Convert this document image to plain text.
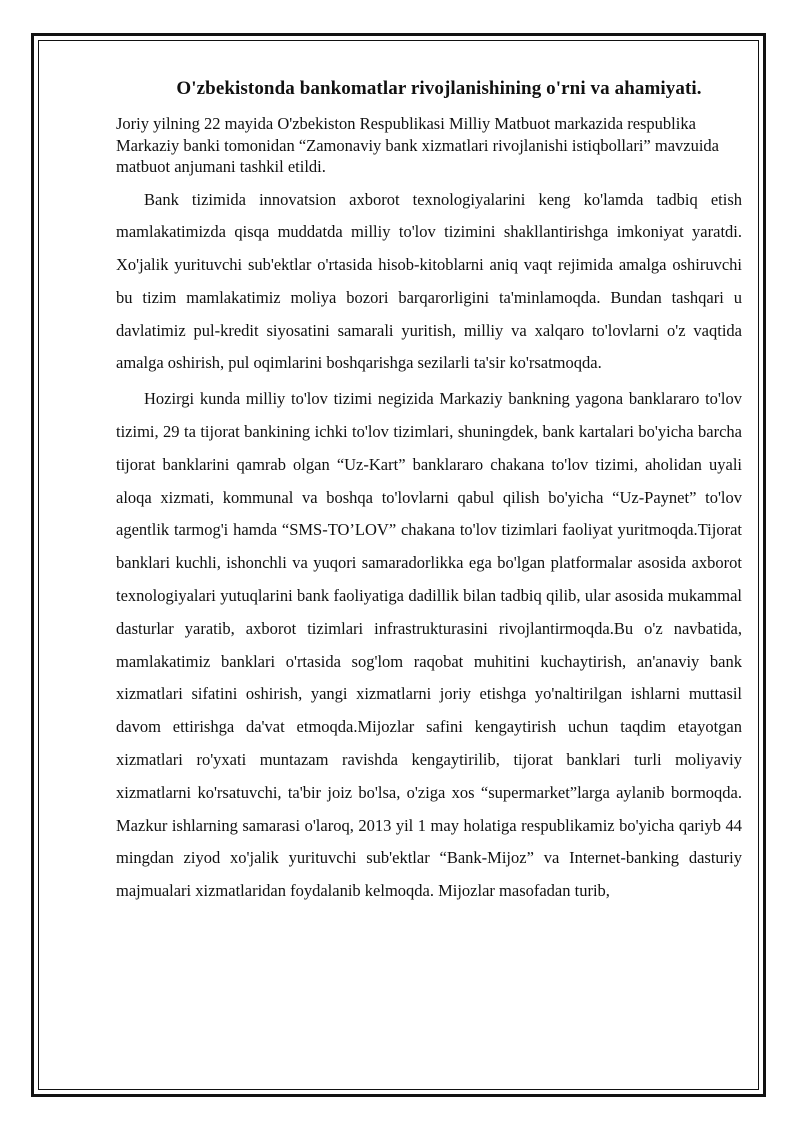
O'zbekistonda bankomatlar rivojlanishining o'rni va ahamiyati.

Joriy yilning 22 mayida O'zbekiston Respublikasi Milliy Matbuot markazida respublika Markaziy banki tomonidan “Zamonaviy bank xizmatlari rivojlanishi istiqbollari” mavzuida matbuot anjumani tashkil etildi.

Bank tizimida innovatsion axborot texnologiyalarini keng ko'lamda tadbiq etish mamlakatimizda qisqa muddatda milliy to'lov tizimini shakllantirishga imkoniyat yaratdi. Xo'jalik yurituvchi sub'ektlar o'rtasida hisob-kitoblarni aniq vaqt rejimida amalga oshiruvchi bu tizim mamlakatimiz moliya bozori barqarorligini ta'minlamoqda. Bundan tashqari u davlatimiz pul-kredit siyosatini samarali yuritish, milliy va xalqaro to'lovlarni o'z vaqtida amalga oshirish, pul oqimlarini boshqarishga sezilarli ta'sir ko'rsatmoqda.

Hozirgi kunda milliy to'lov tizimi negizida Markaziy bankning yagona banklararo to'lov tizimi, 29 ta tijorat bankining ichki to'lov tizimlari, shuningdek, bank kartalari bo'yicha barcha tijorat banklarini qamrab olgan “Uz-Kart” banklararo chakana to'lov tizimi, aholidan uyali aloqa xizmati, kommunal va boshqa to'lovlarni qabul qilish bo'yicha “Uz-Paynet” to'lov agentlik tarmog'i hamda “SMS-TO’LOV” chakana to'lov tizimlari faoliyat yuritmoqda.Tijorat banklari kuchli, ishonchli va yuqori samaradorlikka ega bo'lgan platformalar asosida axborot texnologiyalari yutuqlarini bank faoliyatiga dadillik bilan tadbiq qilib, ular asosida mukammal dasturlar yaratib, axborot tizimlari infrastrukturasini rivojlantirmoqda.Bu o'z navbatida, mamlakatimiz banklari o'rtasida sog'lom raqobat muhitini kuchaytirish, an'anaviy bank xizmatlari sifatini oshirish, yangi xizmatlarni joriy etishga yo'naltirilgan ishlarni muttasil davom ettirishga da'vat etmoqda.Mijozlar safini kengaytirish uchun taqdim etayotgan xizmatlari ro'yxati muntazam ravishda kengaytirilib, tijorat banklari turli moliyaviy xizmatlarni ko'rsatuvchi, ta'bir joiz bo'lsa, o'ziga xos “supermarket”larga aylanib bormoqda. Mazkur ishlarning samarasi o'laroq, 2013 yil 1 may holatiga respublikamiz bo'yicha qariyb 44 mingdan ziyod xo'jalik yurituvchi sub'ektlar “Bank-Mijoz” va Internet-banking dasturiy majmualari xizmatlaridan foydalanib kelmoqda. Mijozlar masofadan turib,
